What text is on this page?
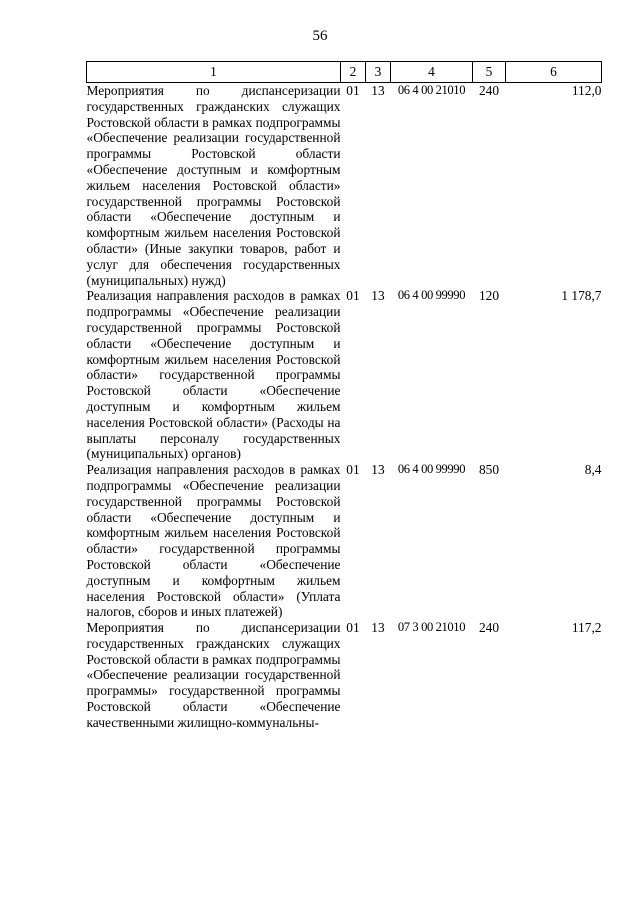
56
1	2	3	4	5	6
Мероприятия по диспансеризации государственных гражданских служащих Ростовской области в рамках подпрограммы «Обеспечение реализации государственной программы Ростовской области «Обеспечение доступным и комфортным жильем населения Ростовской области» государственной программы Ростовской области «Обеспечение доступным и комфортным жильем населения Ростовской области» (Иные закупки товаров, работ и услуг для обеспечения государственных (муниципальных) нужд)	01	13	06 4 00 21010	240	112,0
Реализация направления расходов в рамках подпрограммы «Обеспечение реализации государственной программы Ростовской области «Обеспечение доступным и комфортным жильем населения Ростовской области» государственной программы Ростовской области «Обеспечение доступным и комфортным жильем населения Ростовской области» (Расходы на выплаты персоналу государственных (муниципальных) органов)	01	13	06 4 00 99990	120	1 178,7
Реализация направления расходов в рамках подпрограммы «Обеспечение реализации государственной программы Ростовской области «Обеспечение доступным и комфортным жильем населения Ростовской области» государственной программы Ростовской области «Обеспечение доступным и комфортным жильем населения Ростовской области» (Уплата налогов, сборов и иных платежей)	01	13	06 4 00 99990	850	8,4
Мероприятия по диспансеризации государственных гражданских служащих Ростовской области в рамках подпрограммы «Обеспечение реализации государственной программы» государственной программы Ростовской области «Обеспечение качественными жилищно-коммунальны-	01	13	07 3 00 21010	240	117,2
